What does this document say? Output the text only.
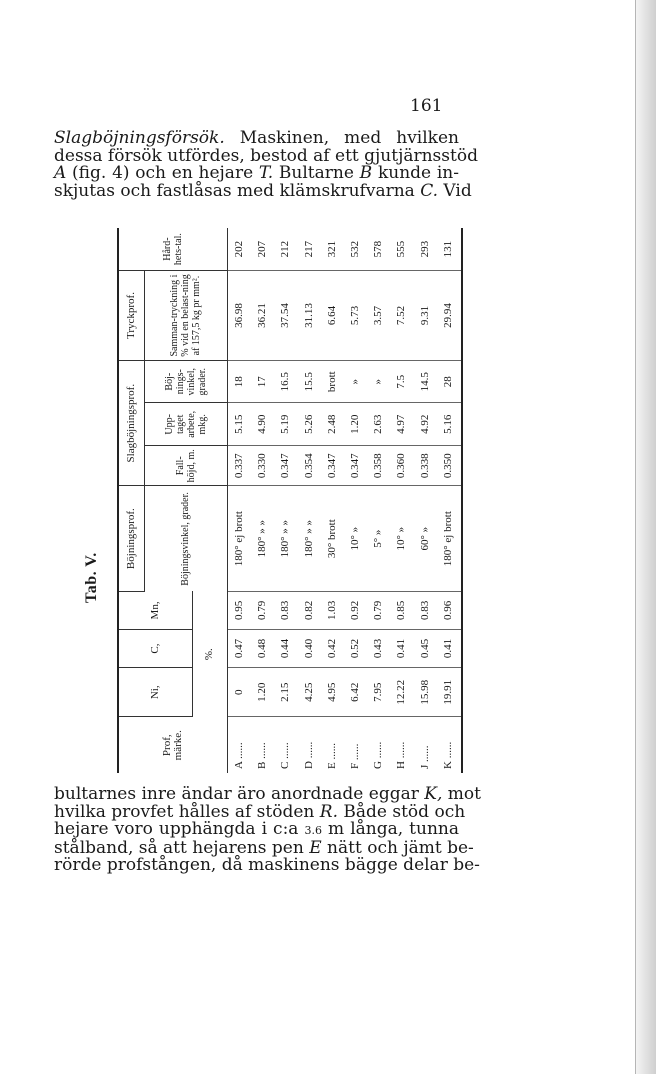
161
Slagböjningsförsök. Maskinen, med hvilken
dessa försök utfördes, bestod af ett gjutjärnsstöd
A (fig. 4) och en hejare T. Bultarne B kunde in-
skjutas och fastlåsas med klämskrufvarna C. Vid
Tab. V.
Prof, märke.	Ni,	C,	Mn,	Böjningsprof.	Slagböjningsprof.			Tryckprof.	Hård-hets-tal.
				Böjningsvinkel, grader.	Fall-höjd, m.	Upp-taget arbete, mkg.	Böj-nings-vinkel, grader.	Samman-tryckning i % vid en belast-ning af 157,5 kg pr mm².	
	%.								
A ......	0	0.47	0.95	180° ej brott	0.337	5.15	18	36.98	202
B ......	1.20	0.48	0.79	180° » »	0.330	4.90	17	36.21	207
C ......	2.15	0.44	0.83	180° » »	0.347	5.19	16.5	37.54	212
D ......	4.25	0.40	0.82	180° » »	0.354	5.26	15.5	31.13	217
E ......	4.95	0.42	1.03	30° brott	0.347	2.48	brott	6.64	321
F ......	6.42	0.52	0.92	10° »	0.347	1.20	»	5.73	532
G ......	7.95	0.43	0.79	5° »	0.358	2.63	»	3.57	578
H ......	12.22	0.41	0.85	10° »	0.360	4.97	7.5	7.52	555
J ......	15.98	0.45	0.83	60° »	0.338	4.92	14.5	9.31	293
K ......	19.91	0.41	0.96	180° ej brott	0.350	5.16	28	29.94	131
bultarnes inre ändar äro anordnade eggar K, mot
hvilka provfet hålles af stöden R. Både stöd och
hejare voro upphängda i c:a 3.6 m långa, tunna
stålband, så att hejarens pen E nätt och jämt be-
rörde profstången, då maskinens bägge delar be-
